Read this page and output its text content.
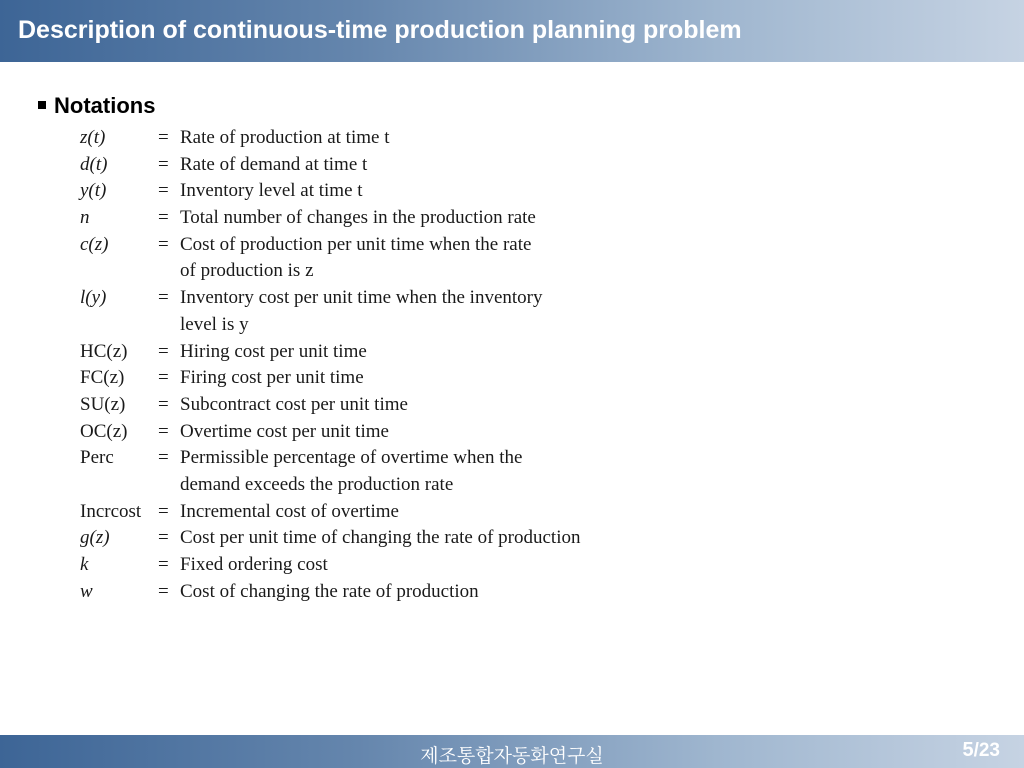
Description of continuous-time production planning problem
Notations
z(t)	= Rate of production at time t
d(t)	= Rate of demand at time t
y(t)	= Inventory level at time t
n	= Total number of changes in the production rate
c(z)	= Cost of production per unit time when the rate
of production is z
l(y)	= Inventory cost per unit time when the inventory
level is y
HC(z) = Hiring cost per unit time
FC(z) = Firing cost per unit time
SU(z) = Subcontract cost per unit time
OC(z) = Overtime cost per unit time
Perc = Permissible percentage of overtime when the
demand exceeds the production rate
Incrcost = Incremental cost of overtime
g(z)	= Cost per unit time of changing the rate of production
k	= Fixed ordering cost
w	= Cost of changing the rate of production
제조통합자동화연구실	5/23
